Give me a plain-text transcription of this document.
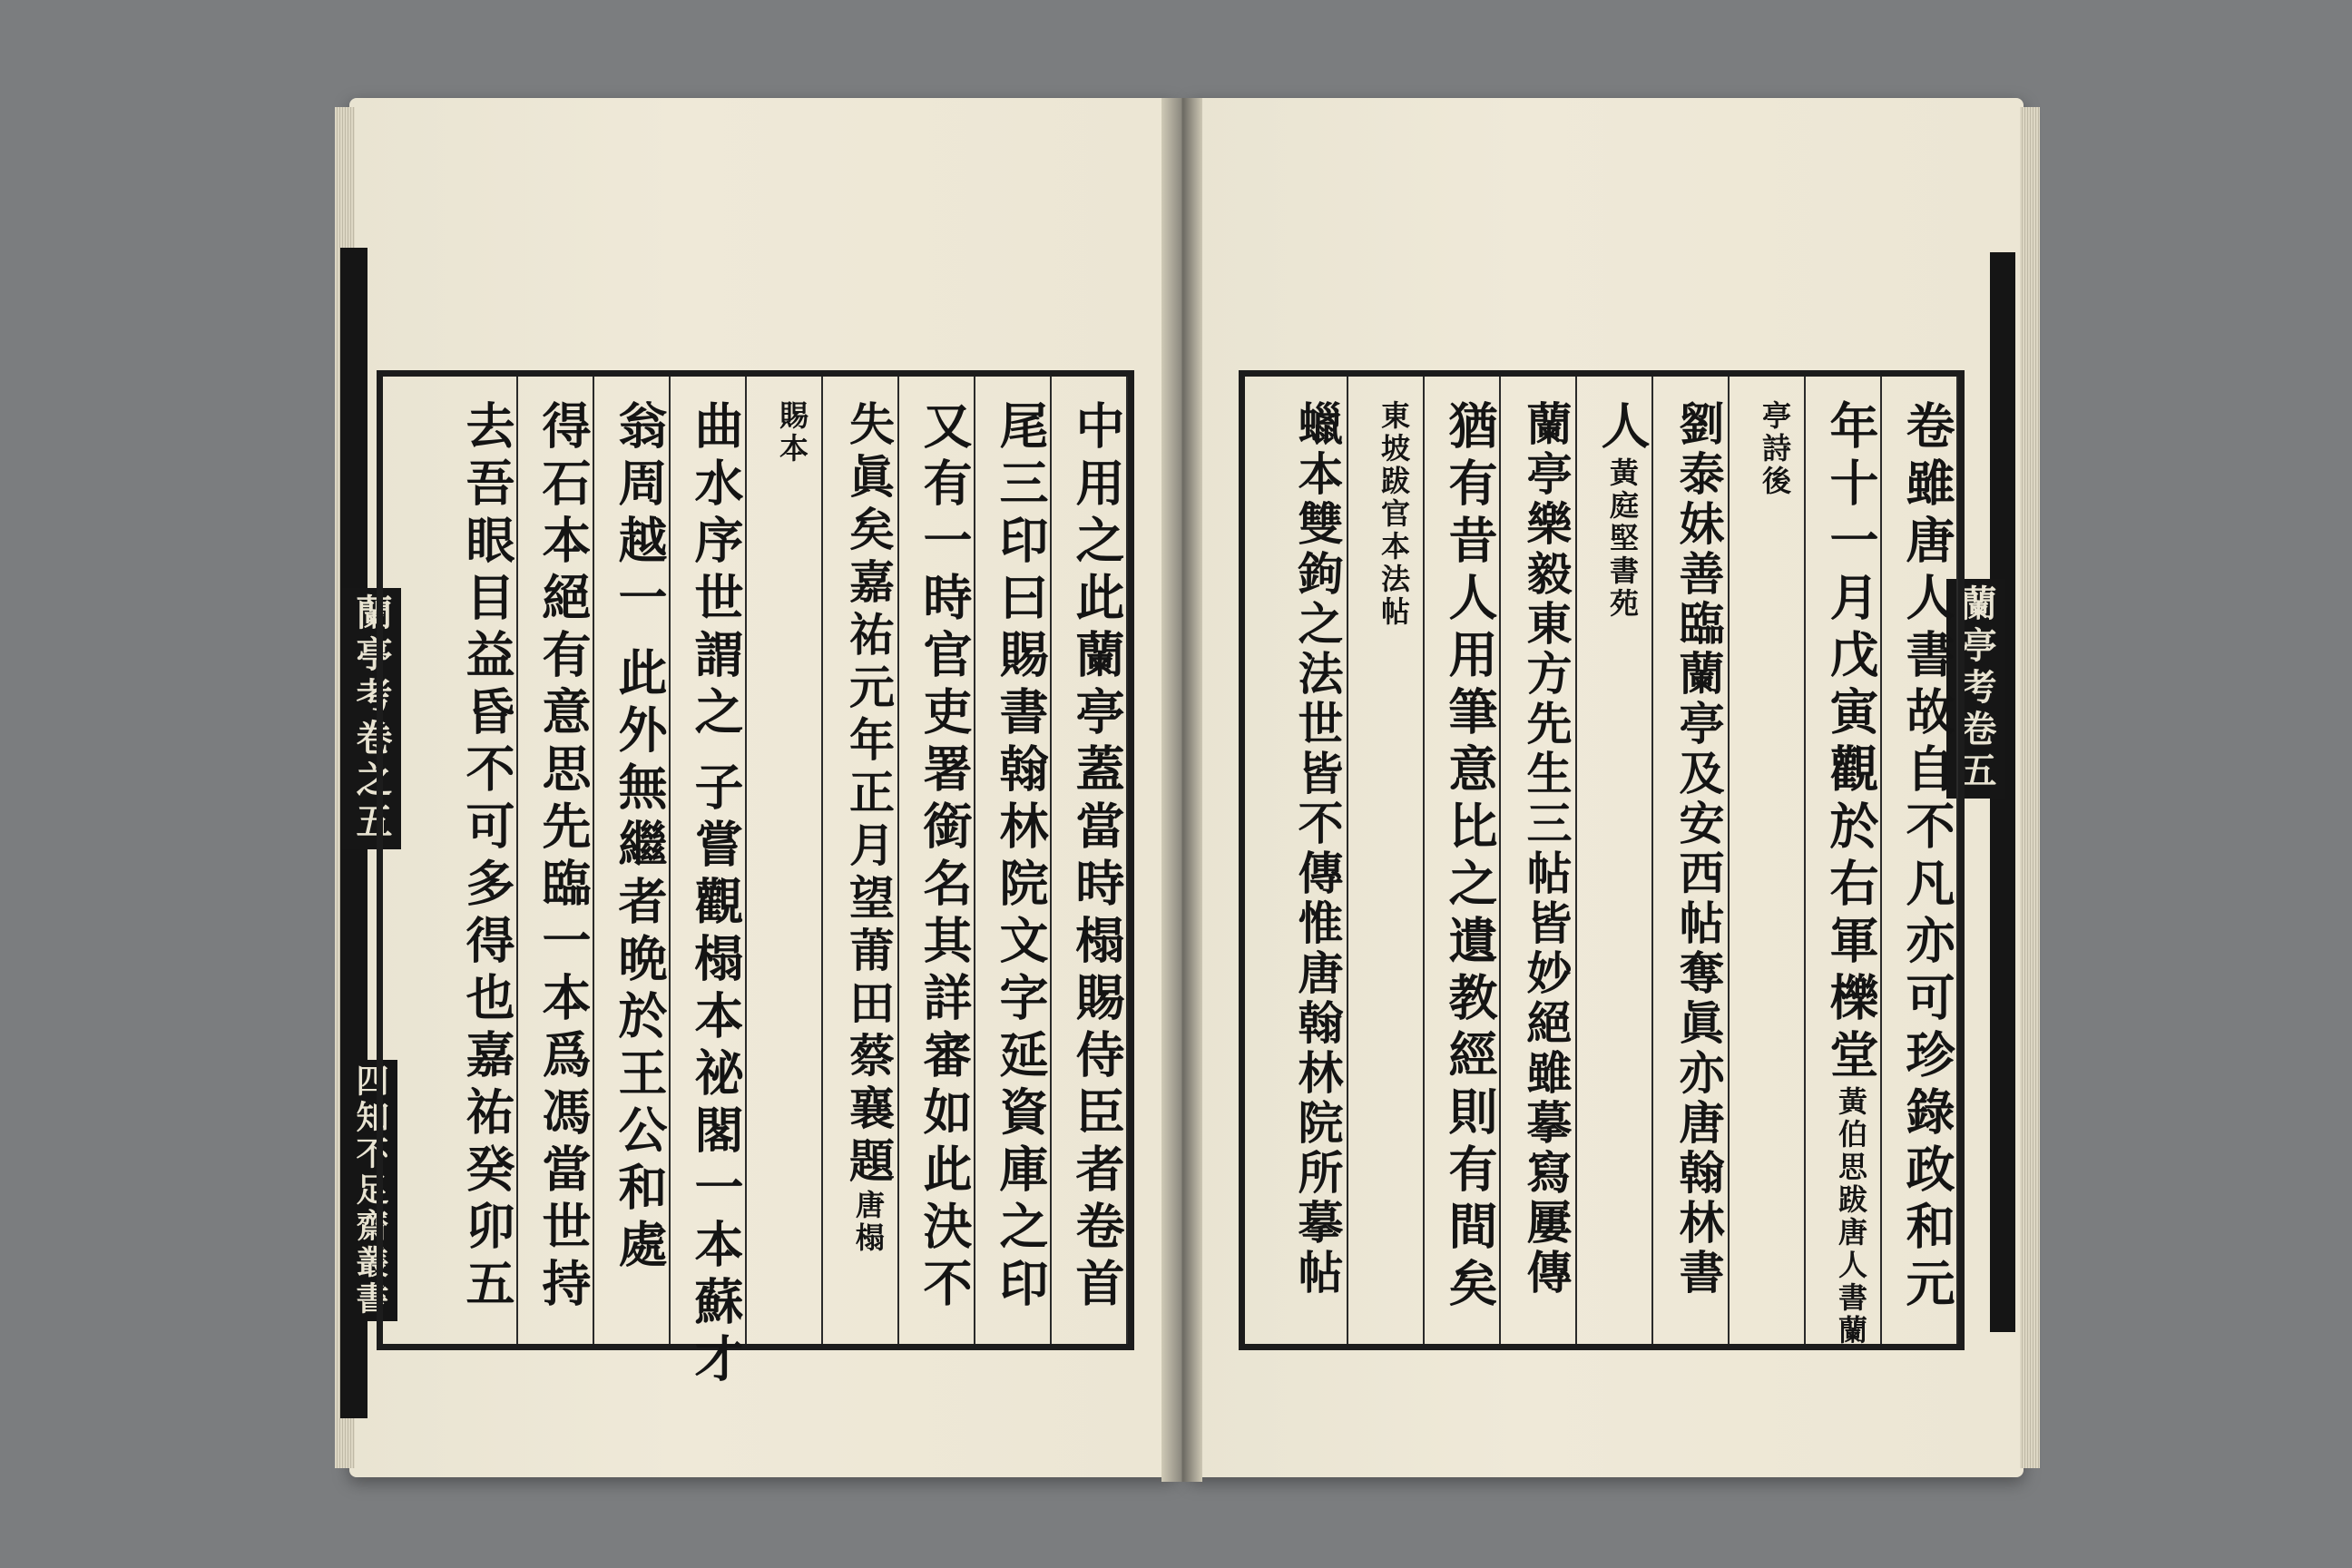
蘭亭考卷之五
四知不足齋叢書	中用之此蘭亭蓋當時榻賜侍臣者卷首
尾三印曰賜書翰林院文字延資庫之印
又有一時官吏署銜名其詳審如此決不
失眞矣嘉祐元年正月望莆田蔡襄題
唐榻
賜本
曲水序世謂之
子嘗觀榻本祕閣一本蘇才
翁周越一
此外無繼者晩於王公和處
得石本絕有意思先臨一本爲馮當世持
去吾眼目益昏不可多得也嘉祐癸卯五	蘭亭考卷五
卷雖唐人書故自不凡亦可珍錄政和元
年十一月戊寅觀於右軍櫟堂
黃伯思跋唐人書蘭
亭詩後
劉泰妹善臨蘭亭及安西帖奪眞亦唐翰林書
人
黃庭堅書苑
蘭亭樂毅東方先生三帖皆妙絕雖摹寫屢傳
猶有昔人用筆意比之遺教經則有間矣
東坡跋官本法帖
蠟本雙鉤之法世皆不傳惟唐翰林院所摹帖
